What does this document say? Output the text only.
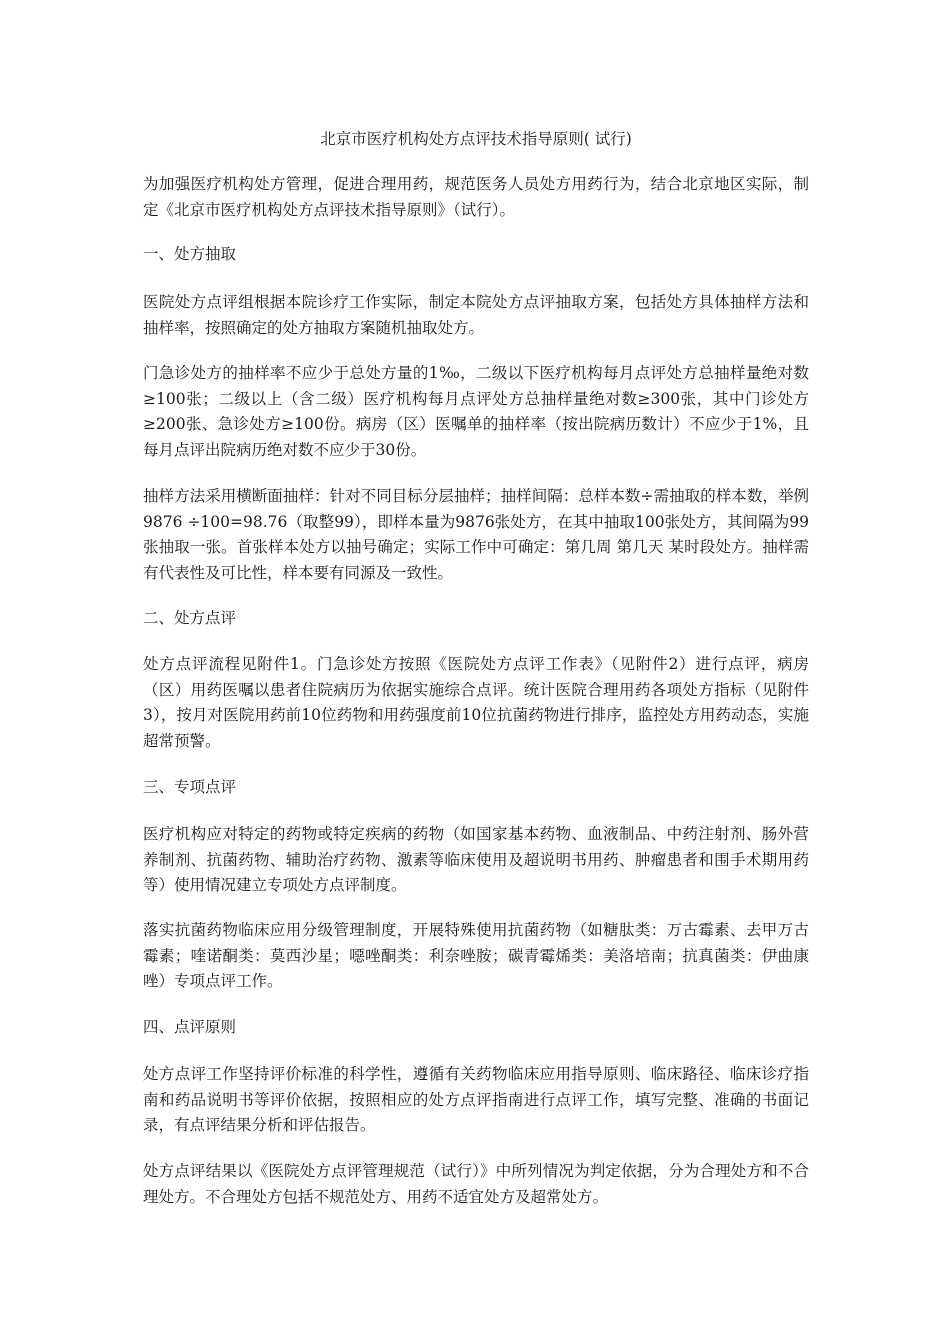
北京市医疗机构处方点评技术指导原则( 试行)

为加强医疗机构处方管理，促进合理用药，规范医务人员处方用药行为，结合北京地区实际，制定《北京市医疗机构处方点评技术指导原则》（试行）。

一、处方抽取

医院处方点评组根据本院诊疗工作实际，制定本院处方点评抽取方案，包括处方具体抽样方法和抽样率，按照确定的处方抽取方案随机抽取处方。

门急诊处方的抽样率不应少于总处方量的1‰，二级以下医疗机构每月点评处方总抽样量绝对数≥100张；二级以上（含二级）医疗机构每月点评处方总抽样量绝对数≥300张，其中门诊处方≥200张、急诊处方≥100份。病房（区）医嘱单的抽样率（按出院病历数计）不应少于1%，且每月点评出院病历绝对数不应少于30份。

抽样方法采用横断面抽样：针对不同目标分层抽样；抽样间隔：总样本数÷需抽取的样本数，举例 9876 ÷100=98.76（取整99），即样本量为9876张处方，在其中抽取100张处方，其间隔为99张抽取一张。首张样本处方以抽号确定；实际工作中可确定：第几周 第几天 某时段处方。抽样需有代表性及可比性，样本要有同源及一致性。

二、处方点评

处方点评流程见附件1。门急诊处方按照《医院处方点评工作表》（见附件2）进行点评，病房（区）用药医嘱以患者住院病历为依据实施综合点评。统计医院合理用药各项处方指标（见附件3），按月对医院用药前10位药物和用药强度前10位抗菌药物进行排序，监控处方用药动态，实施超常预警。

三、专项点评

医疗机构应对特定的药物或特定疾病的药物（如国家基本药物、血液制品、中药注射剂、肠外营养制剂、抗菌药物、辅助治疗药物、激素等临床使用及超说明书用药、肿瘤患者和围手术期用药等）使用情况建立专项处方点评制度。

落实抗菌药物临床应用分级管理制度，开展特殊使用抗菌药物（如糖肽类：万古霉素、去甲万古霉素；喹诺酮类：莫西沙星；噁唑酮类：利奈唑胺；碳青霉烯类：美洛培南；抗真菌类：伊曲康唑）专项点评工作。

四、点评原则

处方点评工作坚持评价标准的科学性，遵循有关药物临床应用指导原则、临床路径、临床诊疗指南和药品说明书等评价依据，按照相应的处方点评指南进行点评工作，填写完整、准确的书面记录，有点评结果分析和评估报告。

处方点评结果以《医院处方点评管理规范（试行）》中所列情况为判定依据，分为合理处方和不合理处方。不合理处方包括不规范处方、用药不适宜处方及超常处方。
